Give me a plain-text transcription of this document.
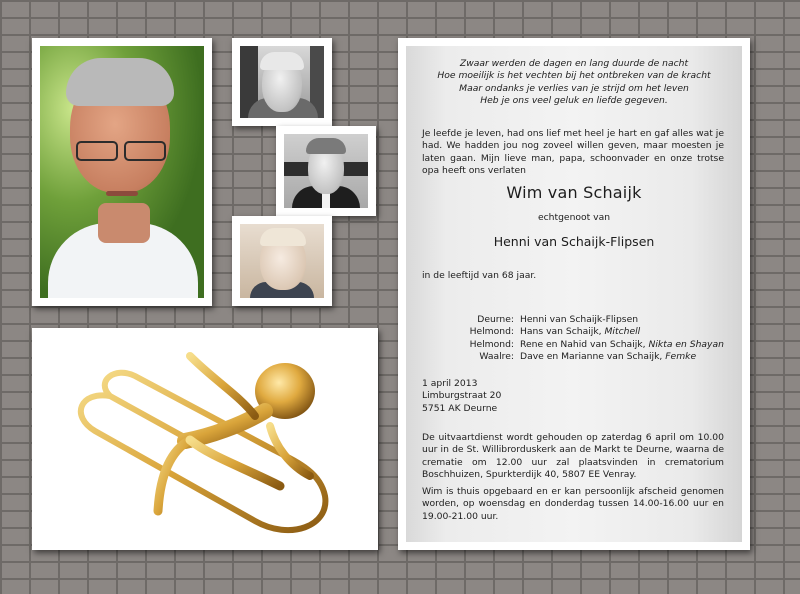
Zwaar werden de dagen en lang duurde de nacht
Hoe moeilijk is het vechten bij het ontbreken van de kracht
Maar ondanks je verlies van je strijd om het leven
Heb je ons veel geluk en liefde gegeven.
Je leefde je leven, had ons lief met heel je hart en gaf alles wat je had. We hadden jou nog zoveel willen geven, maar moesten je laten gaan. Mijn lieve man, papa, schoonvader en onze trotse opa heeft ons verlaten
Wim van Schaijk
echtgenoot van
Henni van Schaijk-Flipsen
in de leeftijd van 68 jaar.
Deurne:	Henni van Schaijk-Flipsen
Helmond:	Hans van Schaijk, Mitchell
Helmond:	Rene en Nahid van Schaijk, Nikta en Shayan
Waalre:	Dave en Marianne van Schaijk, Femke
1 april 2013
Limburgstraat 20
5751 AK Deurne
De uitvaartdienst wordt gehouden op zaterdag 6 april om 10.00 uur in de St. Willibrorduskerk aan de Markt te Deurne, waarna de crematie om 12.00 uur zal plaatsvinden in crematorium Boschhuizen, Spurkterdijk 40, 5807 EE Venray.
Wim is thuis opgebaard en er kan persoonlijk afscheid genomen worden, op woensdag en donderdag tussen 14.00-16.00 uur en 19.00-21.00 uur.
